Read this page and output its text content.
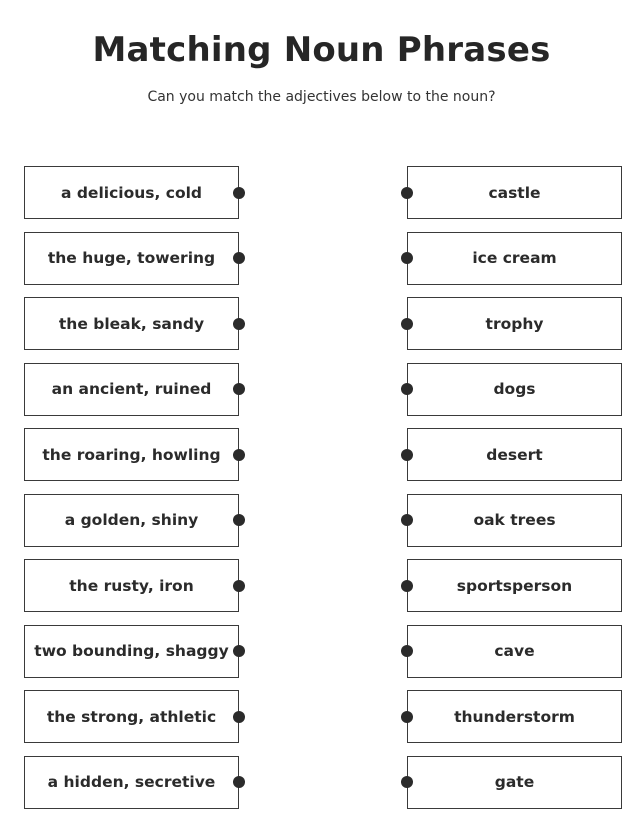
Matching Noun Phrases
Can you match the adjectives below to the noun?
a delicious, cold
the huge, towering
the bleak, sandy
an ancient, ruined
the roaring, howling
a golden, shiny
the rusty, iron
two bounding, shaggy
the strong, athletic
a hidden, secretive
castle
ice cream
trophy
dogs
desert
oak trees
sportsperson
cave
thunderstorm
gate
